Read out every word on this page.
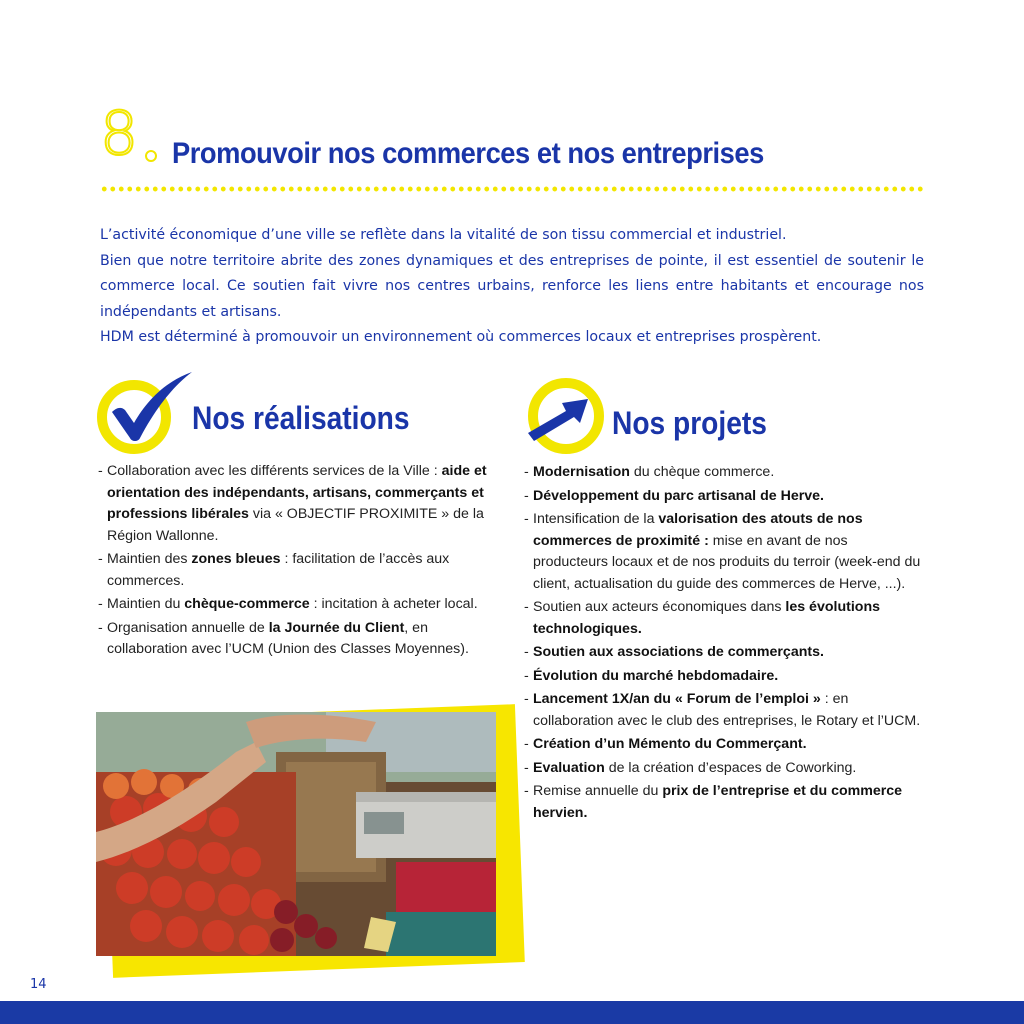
8 Promouvoir nos commerces et nos entreprises

L’activité économique d’une ville se reflète dans la vitalité de son tissu commercial et industriel.

Bien que notre territoire abrite des zones dynamiques et des entreprises de pointe, il est essentiel de soutenir le commerce local. Ce soutien fait vivre nos centres urbains, renforce les liens entre habitants et encourage nos indépendants et artisans.

HDM est déterminé à promouvoir un environnement où commerces locaux et entreprises prospèrent.

Nos réalisations
- Collaboration avec les différents services de la Ville : aide et orientation des indépendants, artisans, commerçants et professions libérales via « OBJECTIF PROXIMITE » de la Région Wallonne.
- Maintien des zones bleues : facilitation de l’accès aux commerces.
- Maintien du chèque-commerce : incitation à acheter local.
- Organisation annuelle de la Journée du Client, en collaboration avec l’UCM (Union des Classes Moyennes).
Nos projets
- Modernisation du chèque commerce.
- Développement du parc artisanal de Herve.
- Intensification de la valorisation des atouts de nos commerces de proximité : mise en avant de nos producteurs locaux et de nos produits du terroir (week-end du client, actualisation du guide des commerces de Herve, ...).
- Soutien aux acteurs économiques dans les évolutions technologiques.
- Soutien aux associations de commerçants.
- Évolution du marché hebdomadaire.
- Lancement 1X/an du « Forum de l’emploi » : en collaboration avec le club des entreprises, le Rotary et l’UCM.
- Création d’un Mémento du Commerçant.
- Evaluation de la création d’espaces de Coworking.
- Remise annuelle du prix de l’entreprise et du commerce hervien.
14
